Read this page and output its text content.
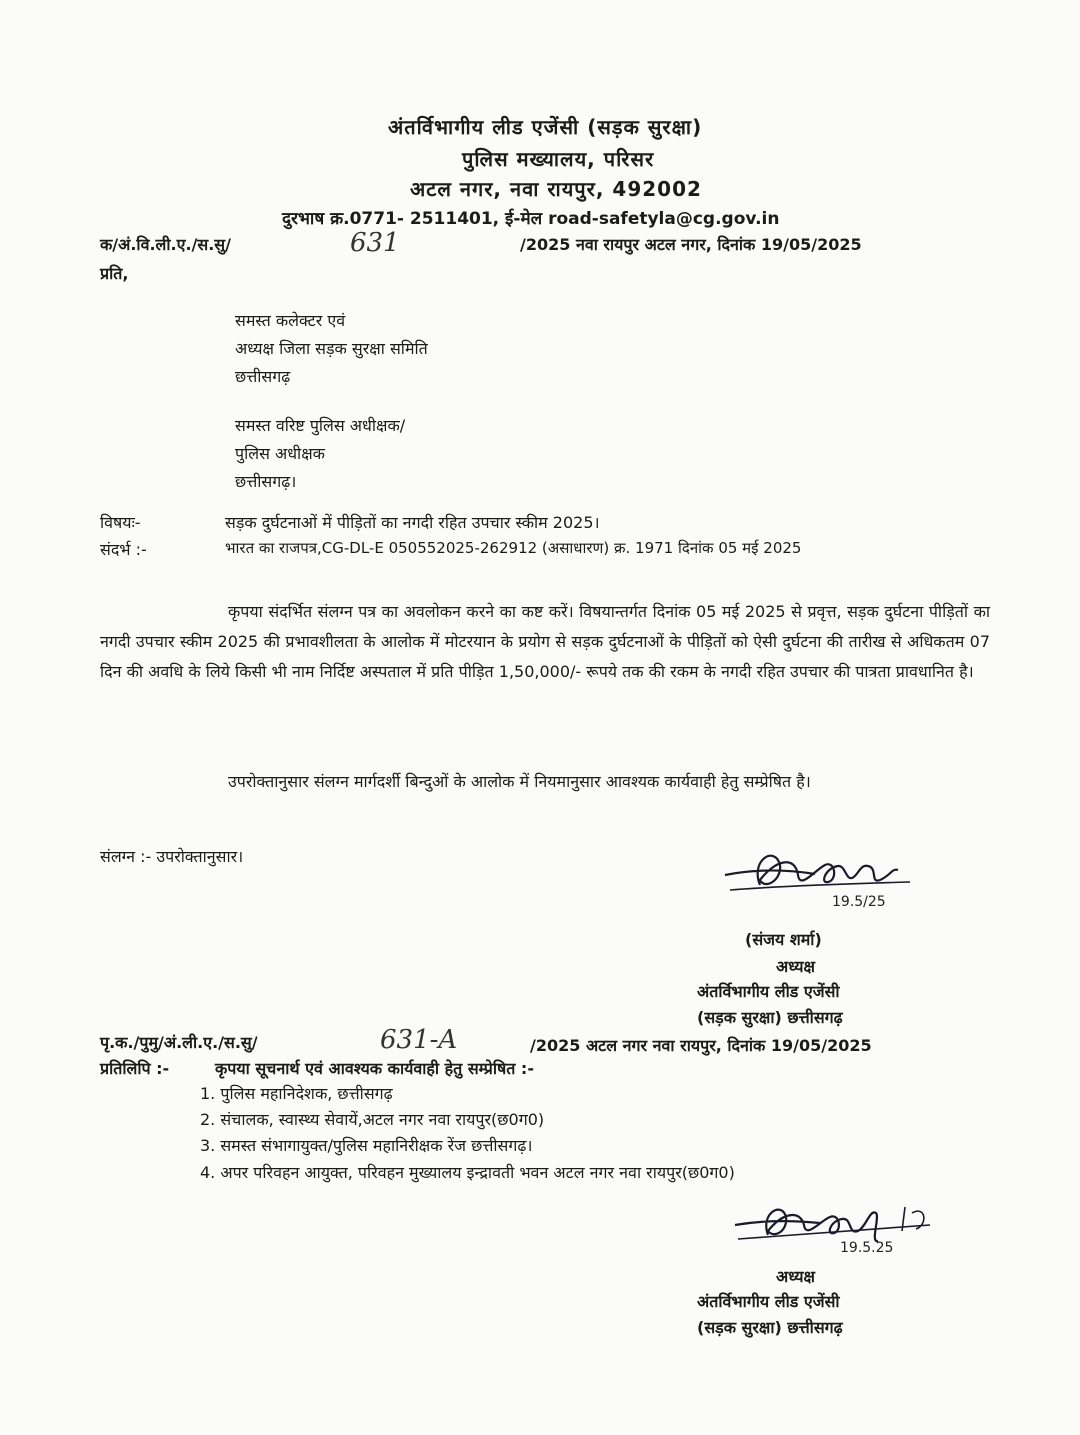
अंतर्विभागीय लीड एजेंसी (सड़क सुरक्षा)
पुलिस मख्यालय, परिसर
अटल नगर, नवा रायपुर, 492002
दुरभाष क्र.0771- 2511401, ई-मेल road-safetyla@cg.gov.in
क/अं.वि.ली.ए./स.सु/	631	/2025 नवा रायपुर अटल नगर, दिनांक 19/05/2025
प्रति,
समस्त कलेक्टर एवं
अध्यक्ष जिला सड़क सुरक्षा समिति
छत्तीसगढ़
समस्त वरिष्ट पुलिस अधीक्षक/
पुलिस अधीक्षक
छत्तीसगढ़।
विषयः-	सड़क दुर्घटनाओं में पीड़ितों का नगदी रहित उपचार स्कीम 2025।
संदर्भ :-	भारत का राजपत्र,CG-DL-E 050552025-262912 (असाधारण) क्र. 1971 दिनांक 05 मई 2025
कृपया संदर्भित संलग्न पत्र का अवलोकन करने का कष्ट करें। विषयान्तर्गत दिनांक 05 मई 2025 से प्रवृत्त, सड़क दुर्घटना पीड़ितों का नगदी उपचार स्कीम 2025 की प्रभावशीलता के आलोक में मोटरयान के प्रयोग से सड़क दुर्घटनाओं के पीड़ितों को ऐसी दुर्घटना की तारीख से अधिकतम 07 दिन की अवधि के लिये किसी भी नाम निर्दिष्ट अस्पताल में प्रति पीड़ित 1,50,000/- रूपये तक की रकम के नगदी रहित उपचार की पात्रता प्रावधानित है।
उपरोक्तानुसार संलग्न मार्गदर्शी बिन्दुओं के आलोक में नियमानुसार आवश्यक कार्यवाही हेतु सम्प्रेषित है।
संलग्न :- उपरोक्तानुसार।
19.5/25
(संजय शर्मा)
अध्यक्ष
अंतर्विभागीय लीड एजेंसी
(सड़क सुरक्षा) छत्तीसगढ़
पृ.क./पुमु/अं.ली.ए./स.सु/	631-A	/2025 अटल नगर नवा रायपुर, दिनांक 19/05/2025
प्रतिलिपि :-	कृपया सूचनार्थ एवं आवश्यक कार्यवाही हेतु सम्प्रेषित :-
1. पुलिस महानिदेशक, छत्तीसगढ़
2. संचालक, स्वास्थ्य सेवायें,अटल नगर नवा रायपुर(छ0ग0)
3. समस्त संभागायुक्त/पुलिस महानिरीक्षक रेंज छत्तीसगढ़।
4. अपर परिवहन आयुक्त, परिवहन मुख्यालय इन्द्रावती भवन अटल नगर नवा रायपुर(छ0ग0)
19.5.25
अध्यक्ष
अंतर्विभागीय लीड एजेंसी
(सड़क सुरक्षा) छत्तीसगढ़
